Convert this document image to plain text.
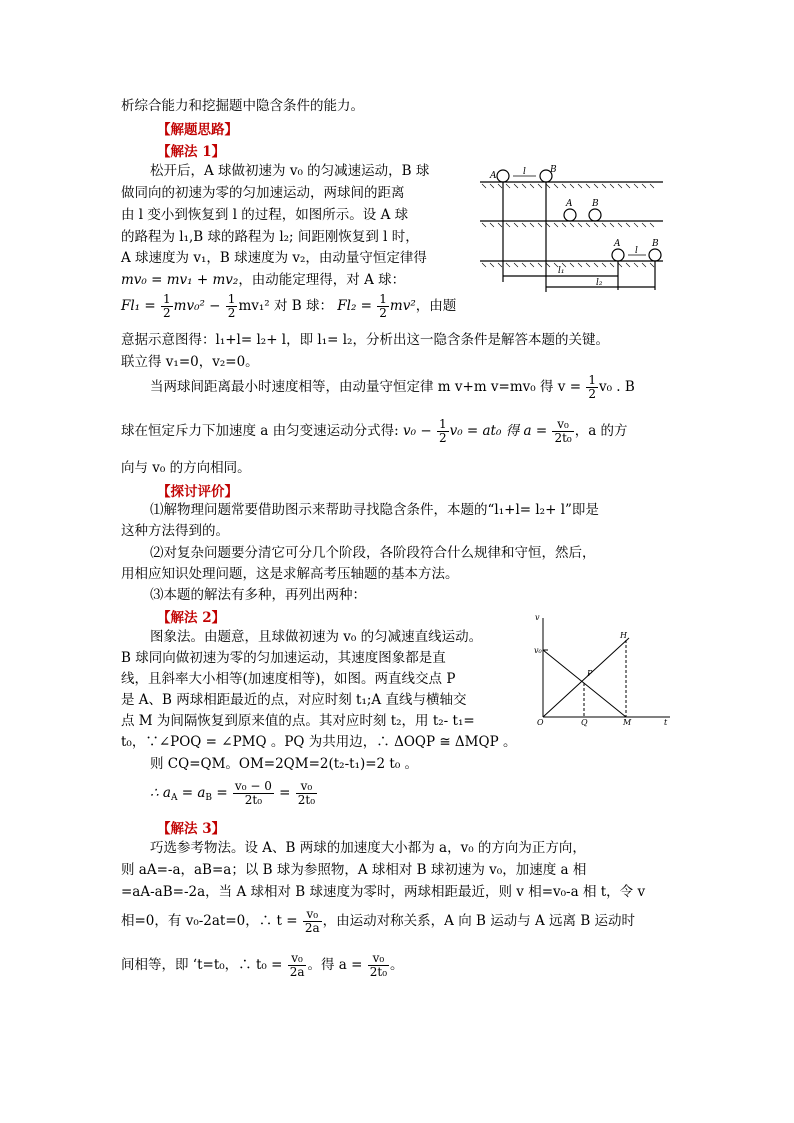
析综合能力和挖掘题中隐含条件的能力。
【解题思路】
【解法 1】
松开后，A 球做初速为 v₀ 的匀减速运动，B 球
做同向的初速为零的匀加速运动，两球间的距离
由 l 变小到恢复到 l 的过程，如图所示。设 A 球
的路程为 l₁,B 球的路程为 l₂; 间距刚恢复到 l 时，
A 球速度为 v₁，B 球速度为 v₂，由动量守恒定律得
mv₀ = mv₁ + mv₂，由动能定理得，对 A 球：
$Fl_1 = \frac{1}{2} mv_0^2 - \frac{1}{2} mv_1^2$ 对 B 球： $Fl_2 = \frac{1}{2} mv^2$，由题
意据示意图得：l₁+l= l₂+ l，即 l₁= l₂，分析出这一隐含条件是解答本题的关键。
联立得 v₁=0，v₂=0。
当两球间距离最小时速度相等，由动量守恒定律 m v+m v=mv₀ 得 $v = \frac{1}{2} v_0$ . B
球在恒定斥力下加速度 a 由匀变速运动分式得: $v_0 - \frac{1}{2} v_0 = at_0$ 得 $a = \frac{\text{v₀}}{\text{2t₀}}$ ，a 的方
向与 v₀ 的方向相同。
【探讨评价】
⑴解物理问题常要借助图示来帮助寻找隐含条件，本题的“l₁+l= l₂+ l”即是
这种方法得到的。
⑵对复杂问题要分清它可分几个阶段，各阶段符合什么规律和守恒，然后，
用相应知识处理问题，这是求解高考压轴题的基本方法。
⑶本题的解法有多种，再列出两种：
【解法 2】
图象法。由题意，且球做初速为 v₀ 的匀减速直线运动。
B 球同向做初速为零的匀加速运动，其速度图象都是直
线，且斜率大小相等(加速度相等)，如图。两直线交点 P
是 A、B 两球相距最近的点，对应时刻 t₁;A 直线与横轴交
点 M 为间隔恢复到原来值的点。其对应时刻 t₂，用 t₂- t₁=
t₀，∵∠POQ = ∠PMQ 。PQ 为共用边，∴ ΔOQP ≅ ΔMQP 。
则 CQ=QM。OM=2QM=2(t₂-t₁)=2 t₀ 。
∴ $a_A = a_B = \frac{\text{v₀ − 0}}{\text{2t₀}} = \frac{\text{v₀}}{\text{2t₀}}$
【解法 3】
巧选参考物法。设 A、B 两球的加速度大小都为 a，v₀ 的方向为正方向，
则 aA=-a，aB=a；以 B 球为参照物，A 球相对 B 球初速为 v₀，加速度 a 相
=aA-aB=-2a，当 A 球相对 B 球速度为零时，两球相距最近，则 v 相=v₀-a 相 t，令 v
相=0，有 v₀-2at=0，∴ $t = \frac{\text{v₀}}{2a}$ ，由运动对称关系，A 向 B 运动与 A 远离 B 运动时
间相等，即 ‘t=t₀，∴ $t_0 = \frac{\text{v₀}}{2a}$ 。得 $a = \frac{\text{v₀}}{\text{2t₀}}$ 。
A
B
l
A B
A	B
l
l₁
l₂
v
v₀
P
H
O	Q	M	t
